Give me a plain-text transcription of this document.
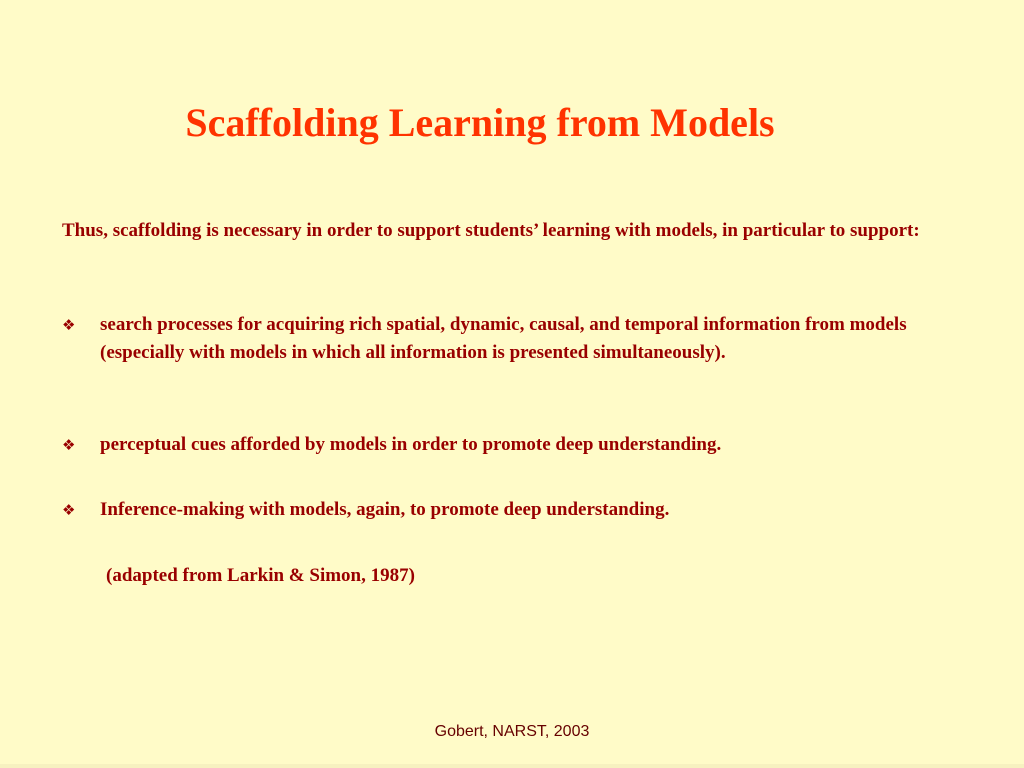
Scaffolding Learning from Models
Thus, scaffolding is necessary in order to support students’ learning with models, in particular to support:
❖	search processes for acquiring rich spatial, dynamic, causal, and temporal information from models (especially with models in which all information is presented simultaneously).
❖	perceptual cues afforded by models in order to promote deep understanding.
❖	Inference-making with models, again, to promote deep understanding.
(adapted from Larkin & Simon, 1987)
Gobert, NARST, 2003
